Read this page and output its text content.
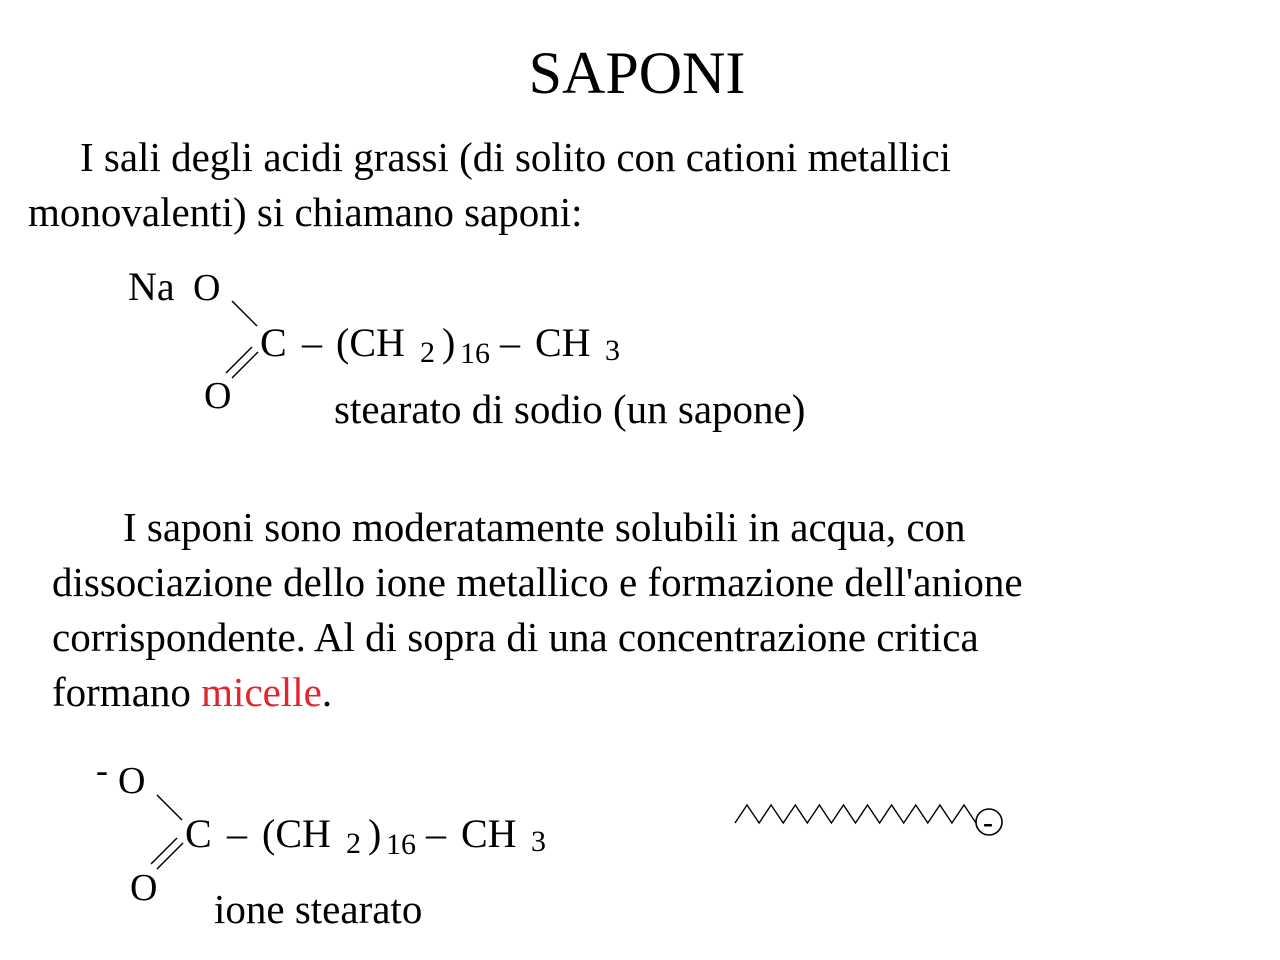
SAPONI
I sali degli acidi grassi (di solito con cationi metallici
monovalenti) si chiamano saponi:
Na O
C
O
– (CH 2 ) 16 – CH 3
stearato di sodio (un sapone)
I saponi sono moderatamente solubili in acqua, con
dissociazione dello ione metallico e formazione dell'anione
corrispondente. Al di sopra di una concentrazione critica
formano micelle.
- O
C
O
– (CH 2 ) 16 – CH 3
ione stearato
-
